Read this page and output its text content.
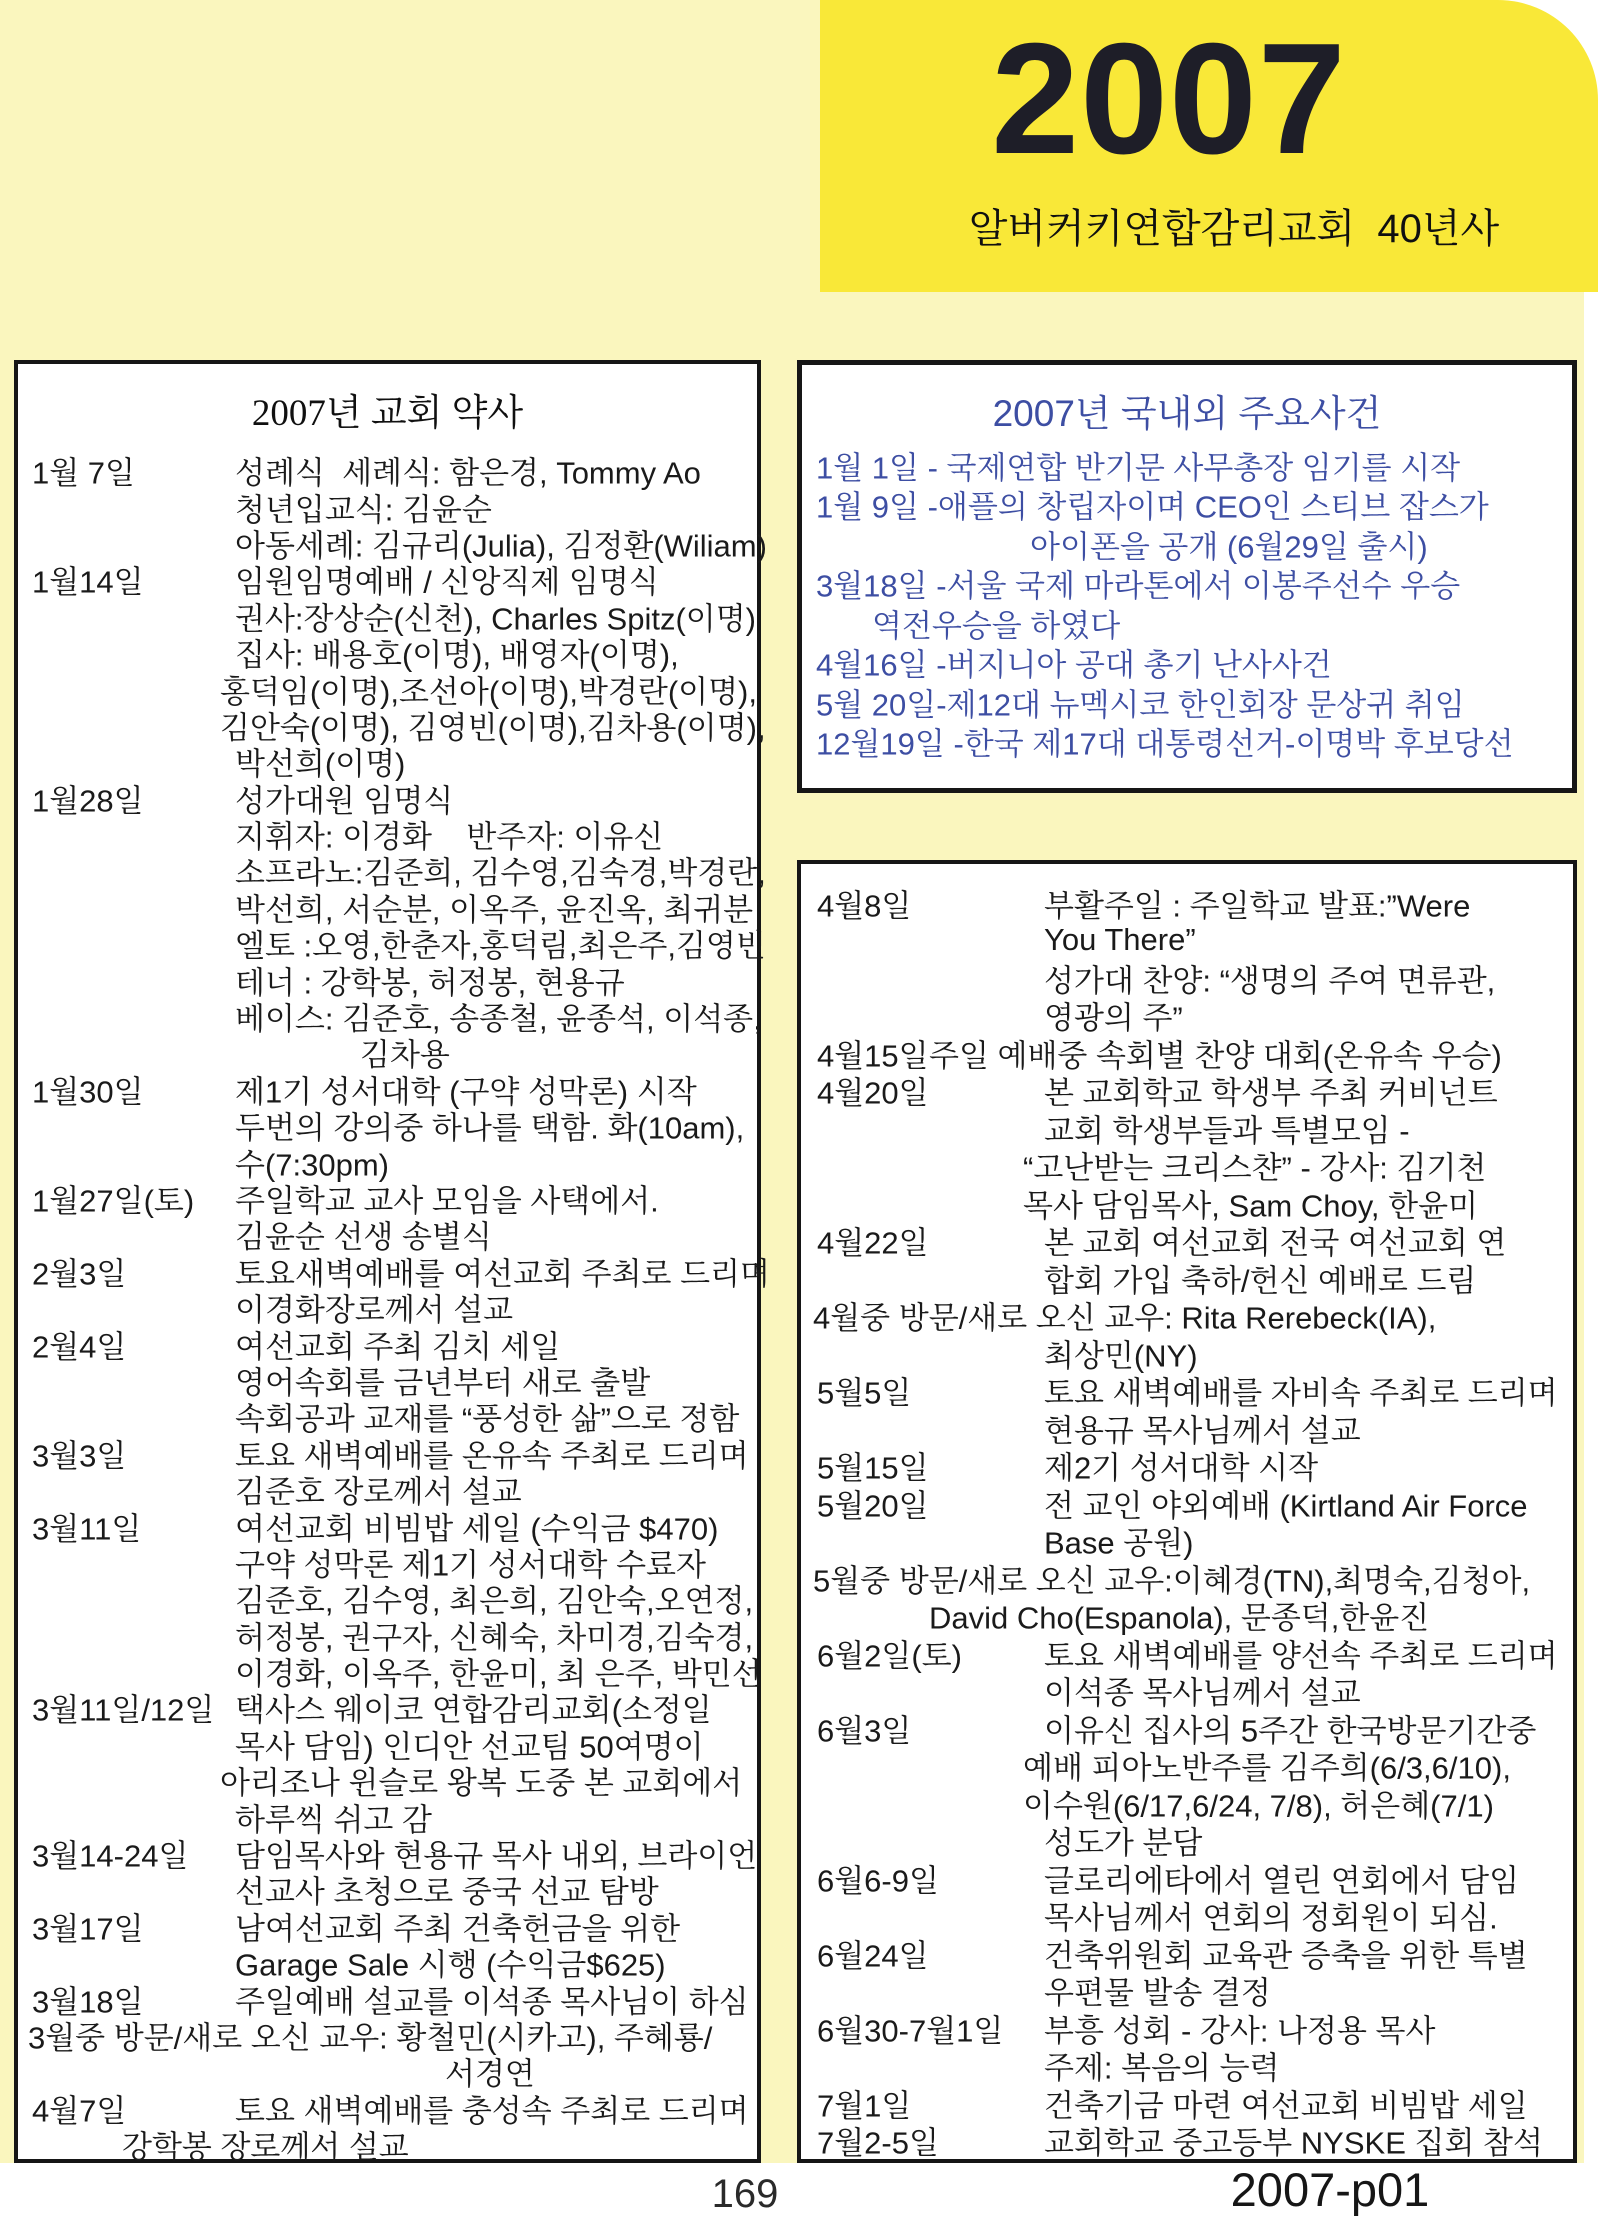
2007
알버커키연합감리교회  40년사
2007년 교회 약사
1월 7일	성례식  세례식: 함은경, Tommy Ao
청년입교식: 김윤순
아동세례: 김규리(Julia), 김정환(Wiliam)
1월14일	임원임명예배 / 신앙직제 임명식
권사:장상순(신천), Charles Spitz(이명)
집사: 배용호(이명), 배영자(이명),
홍덕임(이명),조선아(이명),박경란(이명),
김안숙(이명), 김영빈(이명),김차용(이명),
박선희(이명)
1월28일	성가대원 임명식
지휘자: 이경화    반주자: 이유신
소프라노:김준희, 김수영,김숙경,박경란,
박선희, 서순분, 이옥주, 윤진옥, 최귀분
엘토 :오영,한춘자,홍덕림,최은주,김영빈
테너 : 강학봉, 허정봉, 현용규
베이스: 김준호, 송종철, 윤종석, 이석종,
김차용
1월30일	제1기 성서대학 (구약 성막론) 시작
두번의 강의중 하나를 택함. 화(10am),
수(7:30pm)
1월27일(토) 주일학교 교사 모임을 사택에서.
김윤순 선생 송별식
2월3일	토요새벽예배를 여선교회 주최로 드리며
이경화장로께서 설교
2월4일	여선교회 주최 김치 세일
영어속회를 금년부터 새로 출발
속회공과 교재를 “풍성한 삶”으로 정함
3월3일	토요 새벽예배를 온유속 주최로 드리며
김준호 장로께서 설교
3월11일	여선교회 비빔밥 세일 (수익금 $470)
구약 성막론 제1기 성서대학 수료자
김준호, 김수영, 최은희, 김안숙,오연정,
허정봉, 권구자, 신혜숙, 차미경,김숙경,
이경화, 이옥주, 한윤미, 최 은주, 박민선
3월11일/12일 택사스 웨이코 연합감리교회(소정일
목사 담임) 인디안 선교팀 50여명이
아리조나 윈슬로 왕복 도중 본 교회에서
하루씩 쉬고 감
3월14-24일 담임목사와 현용규 목사 내외, 브라이언
선교사 초청으로 중국 선교 탐방
3월17일	남여선교회 주최 건축헌금을 위한
Garage Sale 시행 (수익금$625)
3월18일	주일예배 설교를 이석종 목사님이 하심
3월중 방문/새로 오신 교우: 황철민(시카고), 주혜룡/
서경연
4월7일	토요 새벽예배를 충성속 주최로 드리며
강학봉 장로께서 설교
2007년 국내외 주요사건
1월 1일 - 국제연합 반기문 사무총장 임기를 시작
1월 9일 -애플의 창립자이며 CEO인 스티브 잡스가
아이폰을 공개 (6월29일 출시)
3월18일 -서울 국제 마라톤에서 이봉주선수 우승
역전우승을 하였다
4월16일 -버지니아 공대 총기 난사사건
5월 20일-제12대 뉴멕시코 한인회장 문상귀 취임
12월19일 -한국 제17대 대통령선거-이명박 후보당선
4월8일	부활주일 : 주일학교 발표:”Were
You There”
성가대 찬양: “생명의 주여 면류관,
영광의 주”
4월15일 주일 예배중 속회별 찬양 대회(온유속 우승)
4월20일	본 교회학교 학생부 주최 커비넌트
교회 학생부들과 특별모임 -
“고난받는 크리스챤” - 강사: 김기천
목사 담임목사, Sam Choy, 한윤미
4월22일	본 교회 여선교회 전국 여선교회 연
합회 가입 축하/헌신 예배로 드림
4월중 방문/새로 오신 교우: Rita Rerebeck(IA),
최상민(NY)
5월5일	토요 새벽예배를 자비속 주최로 드리며
현용규 목사님께서 설교
5월15일	제2기 성서대학 시작
5월20일	전 교인 야외예배 (Kirtland Air Force
Base 공원)
5월중 방문/새로 오신 교우:이혜경(TN),최명숙,김청아,
David Cho(Espanola), 문종덕,한윤진
6월2일(토)	토요 새벽예배를 양선속 주최로 드리며
이석종 목사님께서 설교
6월3일	이유신 집사의 5주간 한국방문기간중
예배 피아노반주를 김주희(6/3,6/10),
이수원(6/17,6/24, 7/8), 허은혜(7/1)
성도가 분담
6월6-9일	글로리에타에서 열린 연회에서 담임
목사님께서 연회의 정회원이 되심.
6월24일	건축위원회 교육관 증축을 위한 특별
우편물 발송 결정
6월30-7월1일 부흥 성회 - 강사: 나정용 목사
주제: 복음의 능력
7월1일	건축기금 마련 여선교회 비빔밥 세일
7월2-5일	교회학교 중고등부 NYSKE 집회 참석
169	2007-p01
